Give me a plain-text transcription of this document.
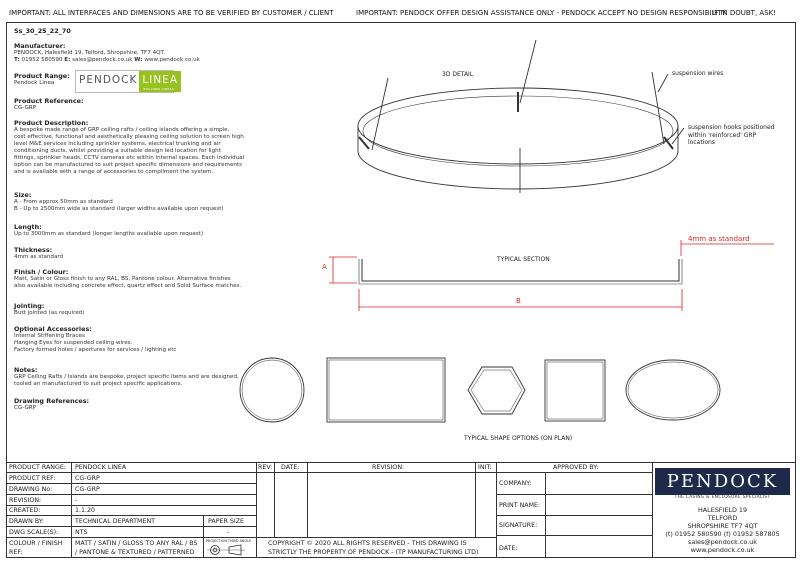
IMPORTANT: ALL INTERFACES AND DIMENSIONS ARE TO BE VERIFIED BY CUSTOMER / CLIENT	IMPORTANT: PENDOCK OFFER DESIGN ASSISTANCE ONLY - PENDOCK ACCEPT NO DESIGN RESPONSIBILITY
IF IN DOUBT, ASK!
Ss_30_25_22_70

Manufacturer:

PENDOCK, Halesfield 19, Telford, Shropshire, TF7 4QT.

T: 01952 580590 E: sales@pendock.co.uk W: www.pendock.co.uk

Product Range:

Pendock Linea	PENDOCK LINEA
BUILDING LINEAS

Product Reference:

CG-GRP

Product Description:

A bespoke made range of GRP ceiling rafts / ceiling islands offering a simple,

cost effective, functional and aesthetically pleasing ceiling solution to screen high

level M&E services including sprinkler systems, electrical trunking and air

conditioning ducts, whilst providing a suitable design led location for light

fittings, sprinkler heads, CCTV cameras etc within internal spaces. Each individual

option can be manufactured to suit project specific dimensions and requirements

and is available with a range of accessories to compliment the system.

Size:

A - From approx 50mm as standard

B - Up to 2500mm wide as standard (larger widths available upon request)

Length:

Up to 3000mm as standard (longer lengths available upon request)

Thickness:

4mm as standard

Finish / Colour:

Matt, Satin or Gloss finish to any RAL, BS, Pantone colour. Alternative finishes

also available including concrete effect, quartz effect and Solid Surface matches.

Jointing:

Butt jointed (as required)

Optional Accessories:

Internal Stiffening Braces

Hanging Eyes for suspended ceiling wires.

Factory formed holes / apertures for services / lighting etc

Notes:

GRP Ceiling Rafts / Islands are bespoke, project specific items and are designed,

tooled an manufactured to suit project specific applications.

Drawing References:

CG-GRP

3D DETAIL	suspension wires
suspension hooks positioned
within 'reinforced' GRP
locations
TYPICAL SECTION
4mm as standard
A
B
TYPICAL SHAPE OPTIONS (ON PLAN)
PRODUCT RANGE: PENDOCK LINEA
PRODUCT REF:	CG-GRP
DRAWING No:	CG-GRP
REVISION:	-
CREATED:	1.1.20
DRAWN BY:	TECHNICAL DEPARTMENT	PAPER SIZE
DWG SCALE(S):	NTS	-
COLOUR / FINISH
REF:
MATT / SATIN / GLOSS TO ANY RAL / BS
/ PANTONE & TEXTURED / PATTERNED
PROJECTION THIRD ANGLE
REV: DATE:	REVISION:	INIT:
COPYRIGHT © 2020 ALL RIGHTS RESERVED - THIS DRAWING IS
STRICTLY THE PROPERTY OF PENDOCK - (TP MANUFACTURING LTD)
APPROVED BY:
COMPANY:
PRINT NAME:
SIGNATURE:
DATE:
PENDOCK
THE CASING & ENCLOSURE SPECIALIST
HALESFIELD 19
TELFORD
SHROPSHIRE TF7 4QT
(t) 01952 580590 (f) 01952 587805
sales@pendock.co.uk
www.pendock.co.uk
